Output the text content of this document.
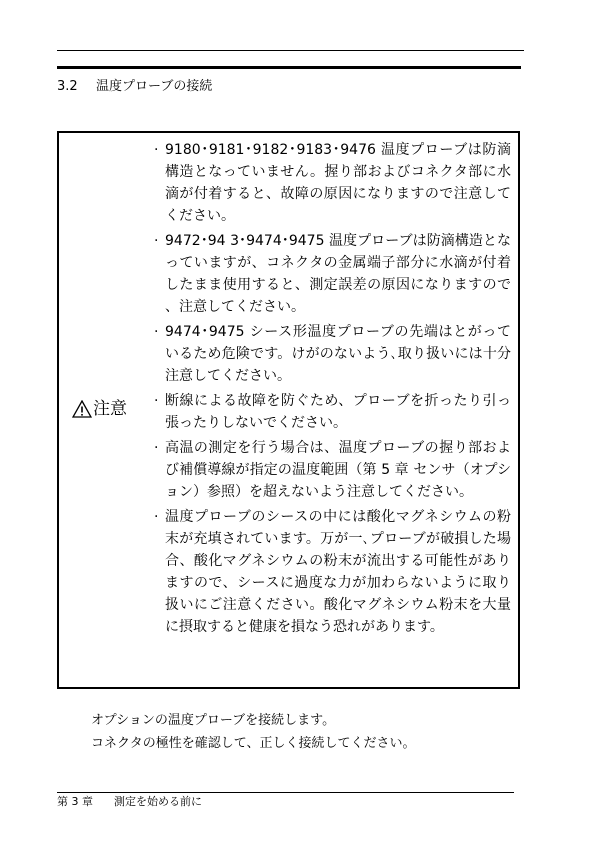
3.2 温度プローブの接続
注意
· 9180･9181･9182･9183･9476 温度プローブは防滴構造となっていません。握り部およびコネクタ部に水滴が付着すると、故障の原因になりますので注意してください。
· 9472･94 3･9474･9475 温度プローブは防滴構造となっていますが、コネクタの金属端子部分に水滴が付着したまま使用すると、測定誤差の原因になりますので、注意してください。
· 9474･9475 シース形温度プローブの先端はとがっているため危険です。けがのないよう､取り扱いには十分注意してください。
· 断線による故障を防ぐため、プローブを折ったり引っ張ったりしないでください。
· 高温の測定を行う場合は、温度プローブの握り部および補償導線が指定の温度範囲（第 5 章 センサ（オプション）参照）を超えないよう注意してください。
· 温度プローブのシースの中には酸化マグネシウムの粉末が充填されています。万が一､プローブが破損した場合、酸化マグネシウムの粉末が流出する可能性がありますので、シースに過度な力が加わらないように取り扱いにご注意ください。酸化マグネシウム粉末を大量に摂取すると健康を損なう恐れがあります。

オプションの温度プローブを接続します。

コネクタの極性を確認して、正しく接続してください。

第 3 章 測定を始める前に
